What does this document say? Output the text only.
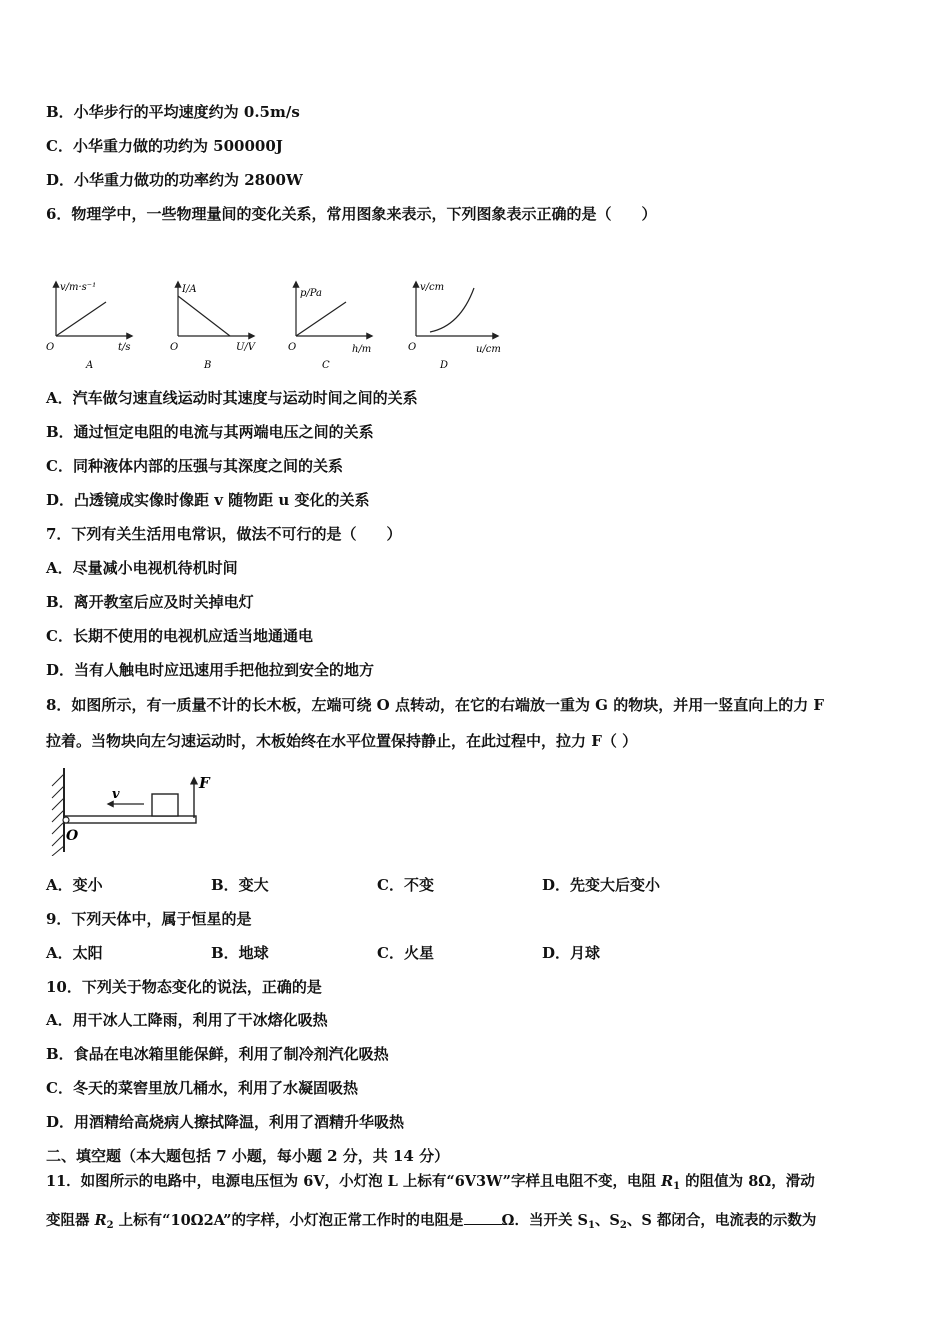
B．小华步行的平均速度约为 0.5m/s
C．小华重力做的功约为 500000J
D．小华重力做功的功率约为 2800W
6．物理学中，一些物理量间的变化关系，常用图象来表示，下列图象表示正确的是（　　）
v/m·s⁻¹
t/s
O
A
I/A
U/V
O
B
p/Pa
h/m
O
C
v/cm
u/cm
O
D
A．汽车做匀速直线运动时其速度与运动时间之间的关系
B．通过恒定电阻的电流与其两端电压之间的关系
C．同种液体内部的压强与其深度之间的关系
D．凸透镜成实像时像距 v 随物距 u 变化的关系
7．下列有关生活用电常识，做法不可行的是（　　）
A．尽量减小电视机待机时间
B．离开教室后应及时关掉电灯
C．长期不使用的电视机应适当地通通电
D．当有人触电时应迅速用手把他拉到安全的地方
8．如图所示，有一质量不计的长木板，左端可绕 O 点转动，在它的右端放一重为 G 的物块，并用一竖直向上的力 F
拉着。当物块向左匀速运动时，木板始终在水平位置保持静止，在此过程中，拉力 F（ ）
v
F
O
A．变小	B．变大	C．不变	D．先变大后变小
9．下列天体中，属于恒星的是
A．太阳	B．地球	C．火星	D．月球
10．下列关于物态变化的说法，正确的是
A．用干冰人工降雨，利用了干冰熔化吸热
B．食品在电冰箱里能保鲜，利用了制冷剂汽化吸热
C．冬天的菜窖里放几桶水，利用了水凝固吸热
D．用酒精给高烧病人擦拭降温，利用了酒精升华吸热
二、填空题（本大题包括 7 小题，每小题 2 分，共 14 分）
11．如图所示的电路中，电源电压恒为 6V，小灯泡 L 上标有“6V3W”字样且电阻不变，电阻 $R_1$ 的阻值为 8Ω，滑动
变阻器 $R_2$ 上标有“10Ω2A”的字样，小灯泡正常工作时的电阻是	Ω．当开关 $S_1$、$S_2$、S 都闭合，电流表的示数为
